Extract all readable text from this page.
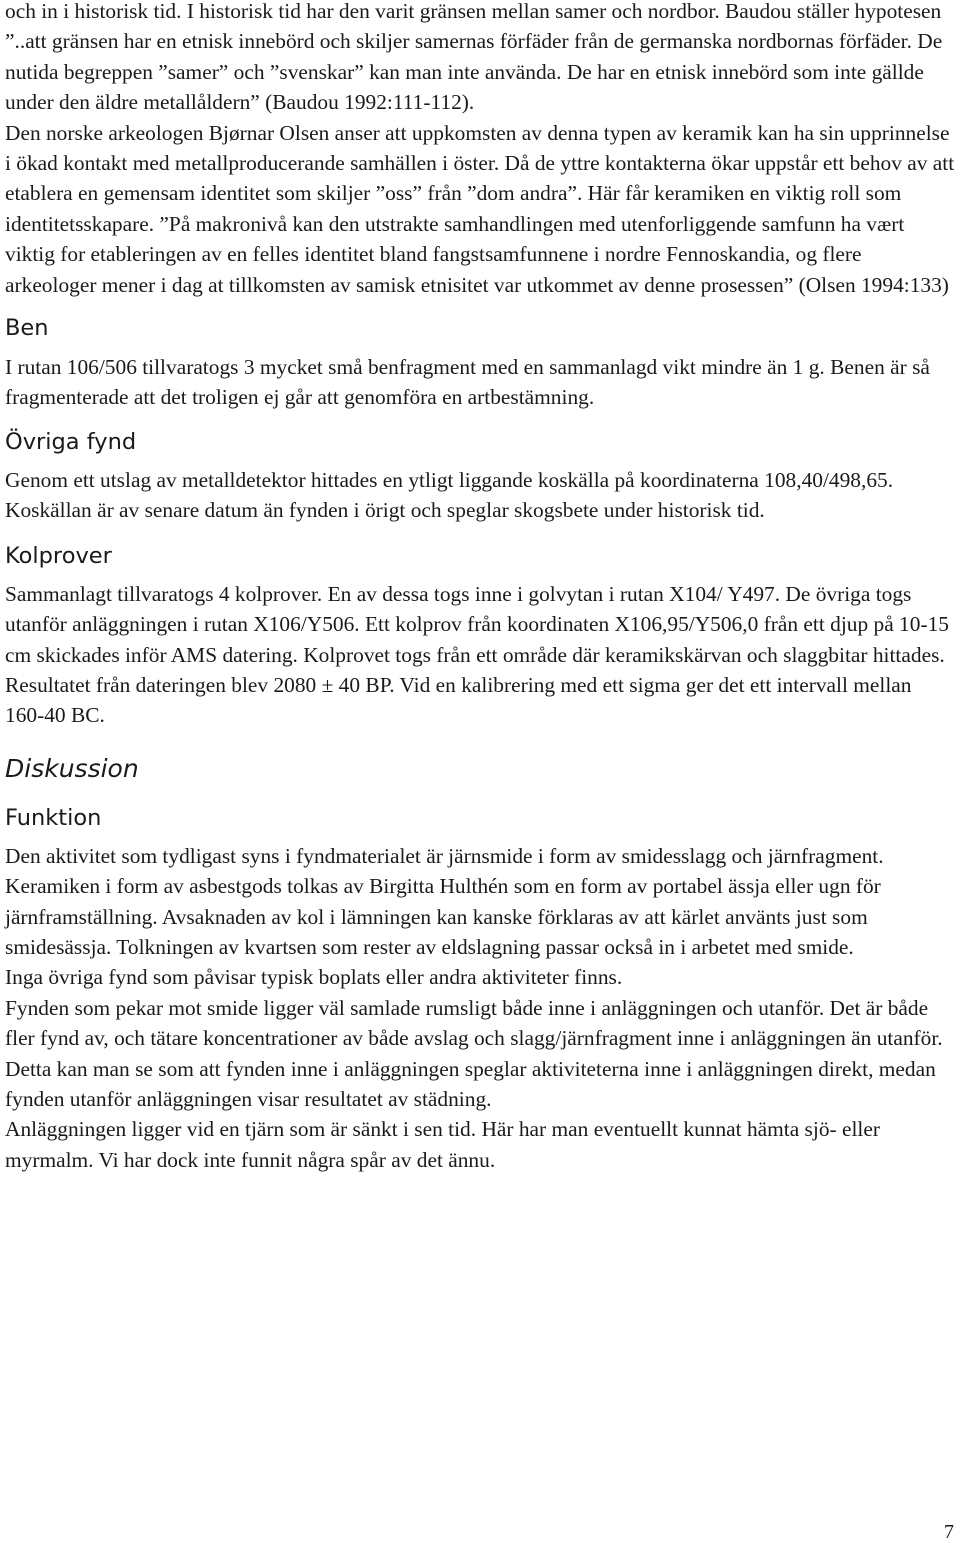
och in i historisk tid. I historisk tid har den varit gränsen mellan samer och nordbor. Baudou ställer hypotesen ”..att gränsen har en etnisk innebörd och skiljer samernas förfäder från de germanska nordbornas förfäder. De nutida begreppen ”samer” och ”svenskar” kan man inte använda. De har en etnisk innebörd som inte gällde under den äldre metallåldern” (Baudou 1992:111-112).

Den norske arkeologen Bjørnar Olsen anser att uppkomsten av denna typen av keramik kan ha sin upprinnelse i ökad kontakt med metallproducerande samhällen i öster. Då de yttre kontakterna ökar uppstår ett behov av att etablera en gemensam identitet som skiljer ”oss” från ”dom andra”. Här får keramiken en viktig roll som identitetsskapare. ”På makronivå kan den utstrakte samhandlingen med utenforliggende samfunn ha vært viktig for etableringen av en felles identitet bland fangstsamfunnene i nordre Fennoskandia, og flere arkeologer mener i dag at tillkomsten av samisk etnisitet var utkommet av denne prosessen” (Olsen 1994:133)

Ben

I rutan 106/506 tillvaratogs 3 mycket små benfragment med en sammanlagd vikt mindre än 1 g. Benen är så fragmenterade att det troligen ej går att genomföra en artbestämning.

Övriga fynd

Genom ett utslag av metalldetektor hittades en ytligt liggande koskälla på koordinaterna 108,40/498,65. Koskällan är av senare datum än fynden i örigt och speglar skogsbete under historisk tid.

Kolprover

Sammanlagt tillvaratogs 4 kolprover. En av dessa togs inne i golvytan i rutan X104/ Y497. De övriga togs utanför anläggningen i rutan X106/Y506. Ett kolprov från koordinaten X106,95/Y506,0 från ett djup på 10-15 cm skickades inför AMS datering. Kolprovet togs från ett område där keramikskärvan och slaggbitar hittades. Resultatet från dateringen blev 2080 ± 40 BP. Vid en kalibrering med ett sigma ger det ett intervall mellan 160-40 BC.

Diskussion
Funktion

Den aktivitet som tydligast syns i fyndmaterialet är järnsmide i form av smidesslagg och järnfragment. Keramiken i form av asbestgods tolkas av Birgitta Hulthén som en form av portabel ässja eller ugn för järnframställning. Avsaknaden av kol i lämningen kan kanske förklaras av att kärlet använts just som smidesässja. Tolkningen av kvartsen som rester av eldslagning passar också in i arbetet med smide.

Inga övriga fynd som påvisar typisk boplats eller andra aktiviteter finns.

Fynden som pekar mot smide ligger väl samlade rumsligt både inne i anläggningen och utanför. Det är både fler fynd av, och tätare koncentrationer av både avslag och slagg/järnfragment inne i anläggningen än utanför. Detta kan man se som att fynden inne i anläggningen speglar aktiviteterna inne i anläggningen direkt, medan fynden utanför anläggningen visar resultatet av städning.

Anläggningen ligger vid en tjärn som är sänkt i sen tid. Här har man eventuellt kunnat hämta sjö- eller myrmalm. Vi har dock inte funnit några spår av det ännu.

7
